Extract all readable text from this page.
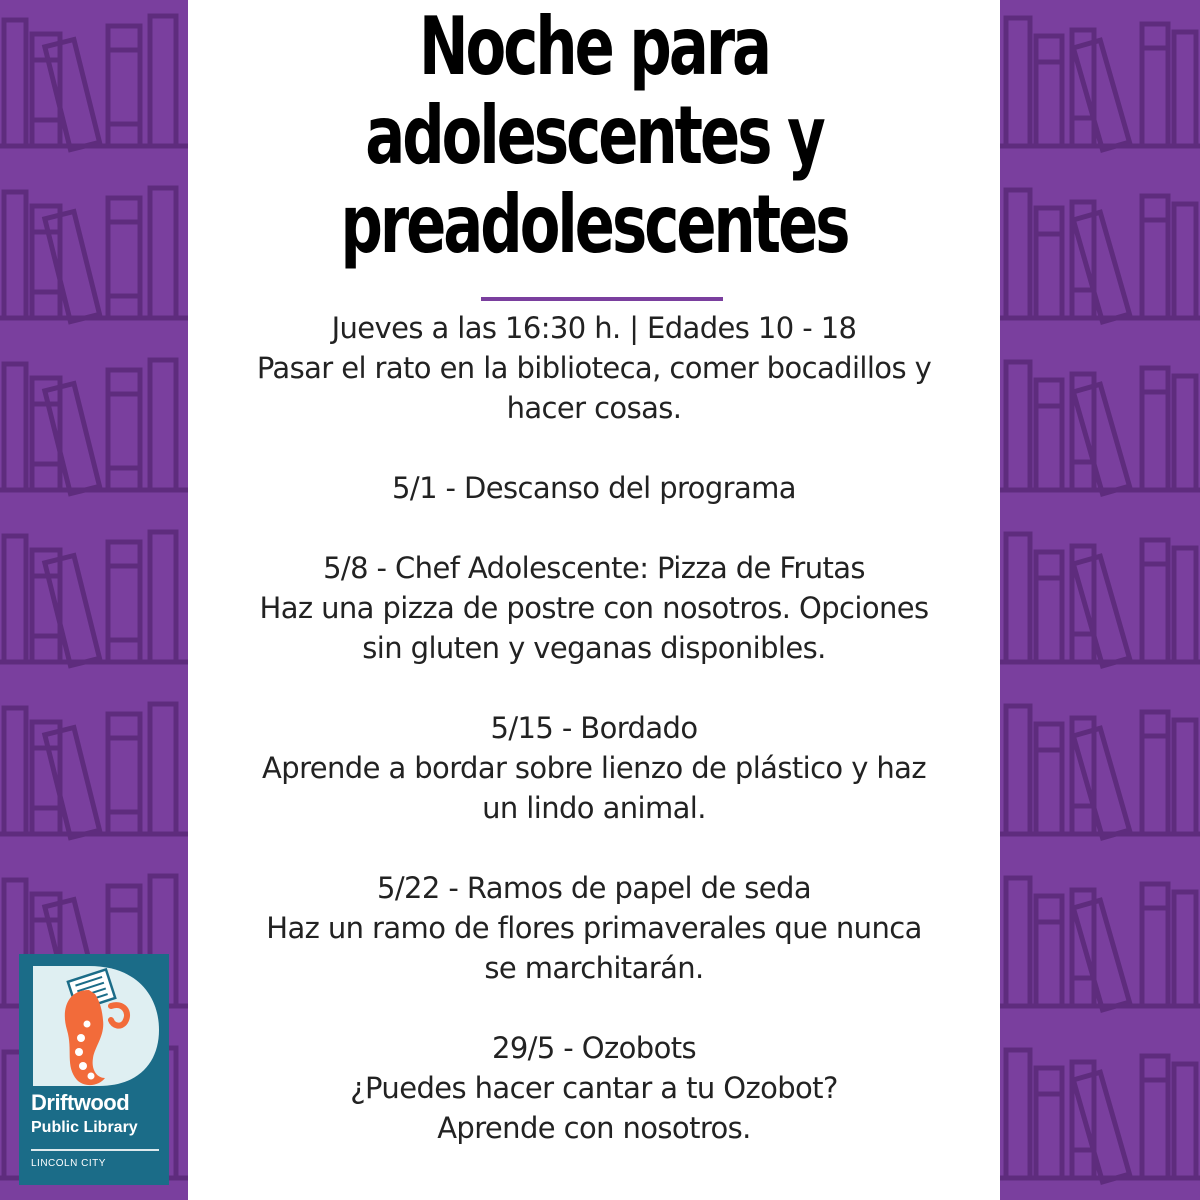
Noche para
adolescentes y
preadolescentes
Jueves a las 16:30 h. | Edades 10 - 18
Pasar el rato en la biblioteca, comer bocadillos y
hacer cosas.
5/1 - Descanso del programa
5/8 - Chef Adolescente: Pizza de Frutas
Haz una pizza de postre con nosotros. Opciones
sin gluten y veganas disponibles.
5/15 - Bordado
Aprende a bordar sobre lienzo de plástico y haz
un lindo animal.
5/22 - Ramos de papel de seda
Haz un ramo de flores primaverales que nunca
se marchitarán.
29/5 - Ozobots
¿Puedes hacer cantar a tu Ozobot?
Aprende con nosotros.
Driftwood
Public Library
LINCOLN CITY
